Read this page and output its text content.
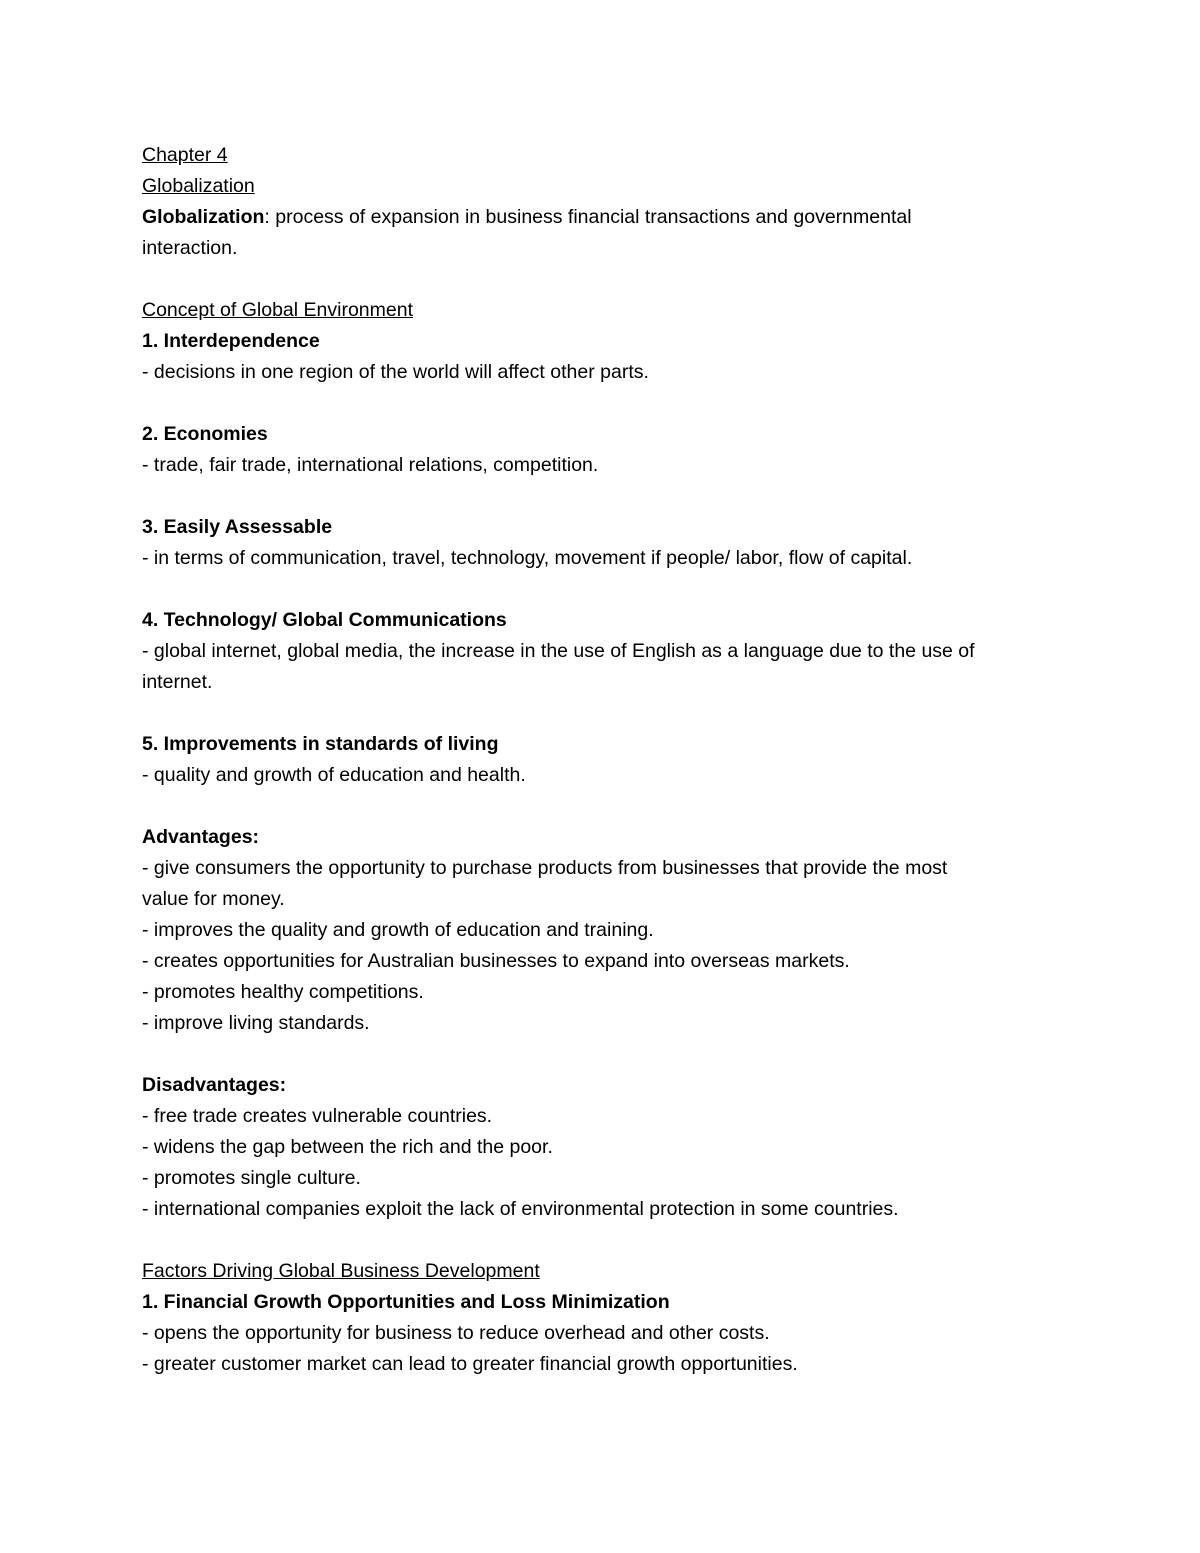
Chapter 4
Globalization
Globalization: process of expansion in business financial transactions and governmental
interaction.
Concept of Global Environment
1. Interdependence
- decisions in one region of the world will affect other parts.
2. Economies
- trade, fair trade, international relations, competition.
3. Easily Assessable
- in terms of communication, travel, technology, movement if people/ labor, flow of capital.
4. Technology/ Global Communications
- global internet, global media, the increase in the use of English as a language due to the use of
internet.
5. Improvements in standards of living
- quality and growth of education and health.
Advantages:
- give consumers the opportunity to purchase products from businesses that provide the most
value for money.
- improves the quality and growth of education and training.
- creates opportunities for Australian businesses to expand into overseas markets.
- promotes healthy competitions.
- improve living standards.
Disadvantages:
- free trade creates vulnerable countries.
- widens the gap between the rich and the poor.
- promotes single culture.
- international companies exploit the lack of environmental protection in some countries.
Factors Driving Global Business Development
1. Financial Growth Opportunities and Loss Minimization
- opens the opportunity for business to reduce overhead and other costs.
- greater customer market can lead to greater financial growth opportunities.
